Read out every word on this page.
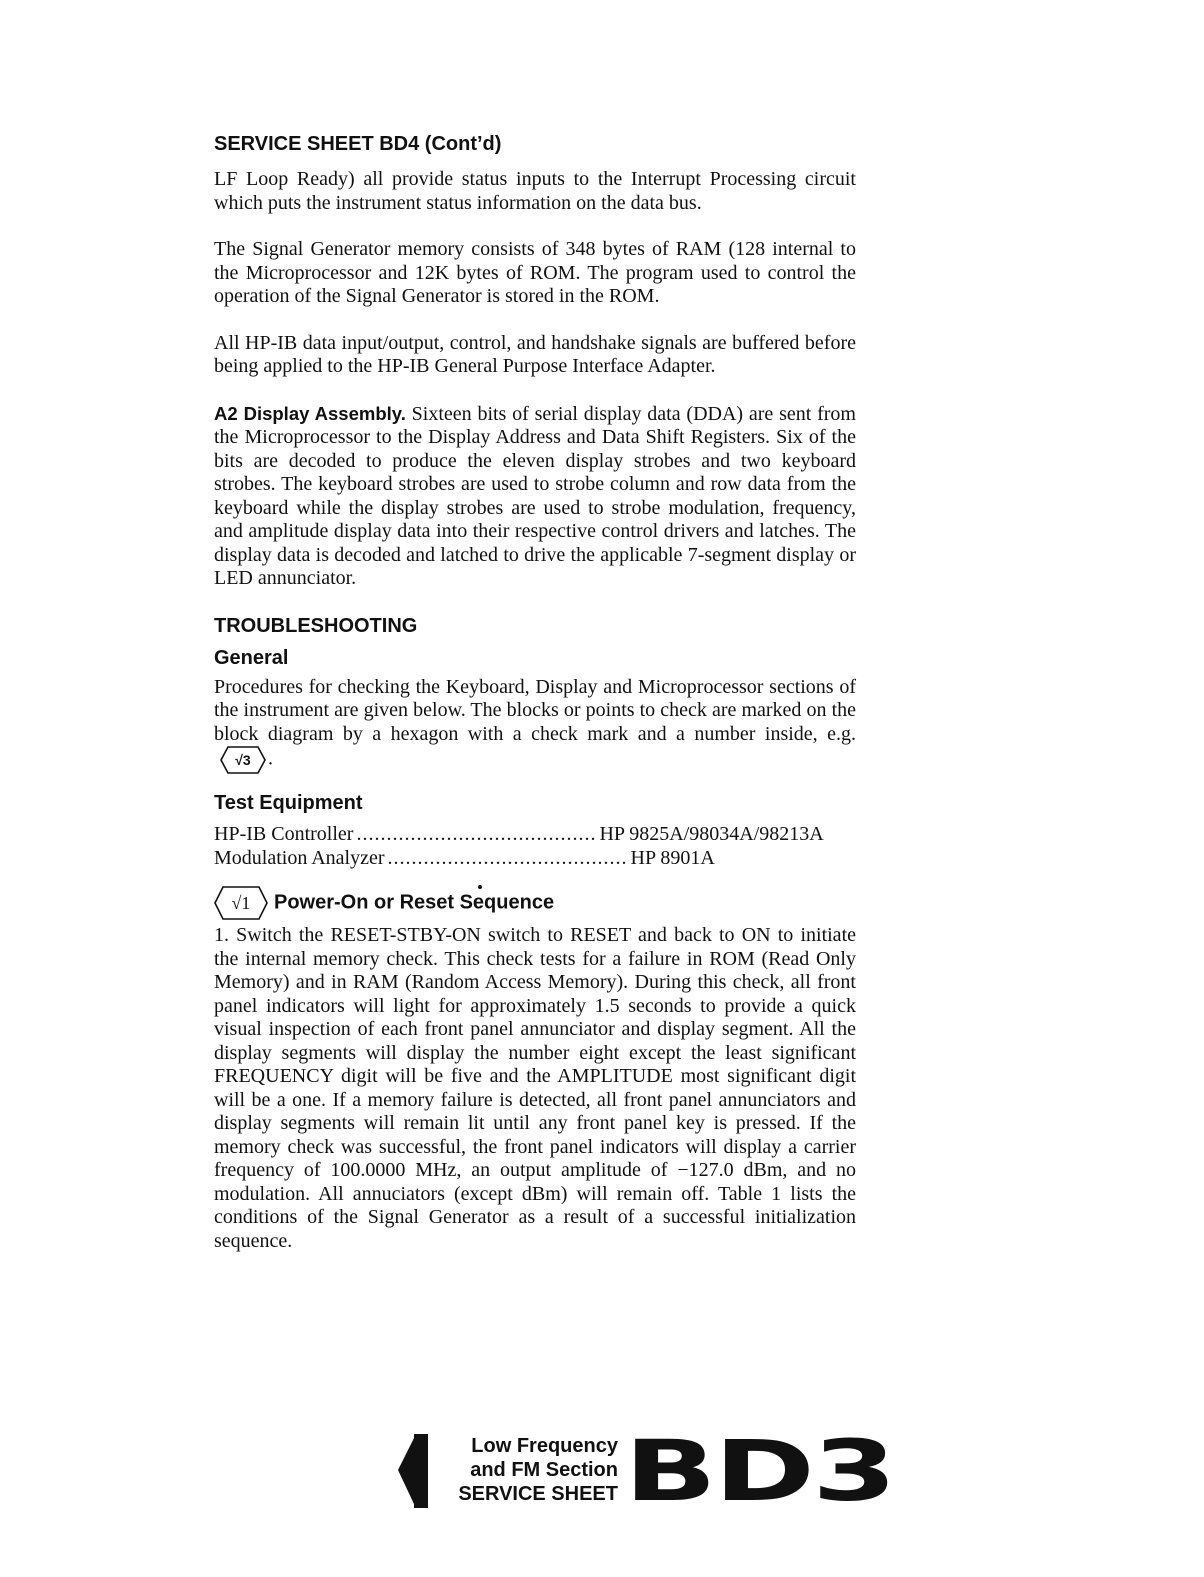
SERVICE SHEET BD4 (Cont’d)

LF Loop Ready) all provide status inputs to the Interrupt Processing circuit which puts the instrument status information on the data bus.

The Signal Generator memory consists of 348 bytes of RAM (128 internal to the Microprocessor and 12K bytes of ROM. The program used to control the operation of the Signal Generator is stored in the ROM.

All HP-IB data input/output, control, and handshake signals are buffered before being applied to the HP-IB General Purpose Interface Adapter.

A2 Display Assembly. Sixteen bits of serial display data (DDA) are sent from the Microprocessor to the Display Address and Data Shift Registers. Six of the bits are decoded to produce the eleven display strobes and two keyboard strobes. The keyboard strobes are used to strobe column and row data from the keyboard while the display strobes are used to strobe modulation, frequency, and amplitude display data into their respective control drivers and latches. The display data is decoded and latched to drive the applicable 7-segment display or LED annunciator.

TROUBLESHOOTING
General

Procedures for checking the Keyboard, Display and Microprocessor sections of the instrument are given below. The blocks or points to check are marked on the block diagram by a hexagon with a check mark and a number inside, e.g.
√3 .

Test Equipment
HP-IB Controller ........................................ HP 9825A/98034A/98213A
Modulation Analyzer ........................................ HP 8901A
√1 Power-On or Reset Sequence

1. Switch the RESET-STBY-ON switch to RESET and back to ON to initiate the internal memory check. This check tests for a failure in ROM (Read Only Memory) and in RAM (Random Access Memory). During this check, all front panel indicators will light for approximately 1.5 seconds to provide a quick visual inspection of each front panel annunciator and display segment. All the display segments will display the number eight except the least significant FREQUENCY digit will be five and the AMPLITUDE most significant digit will be a one. If a memory failure is detected, all front panel annunciators and display segments will remain lit until any front panel key is pressed. If the memory check was successful, the front panel indicators will display a carrier frequency of 100.0000 MHz, an output amplitude of −127.0 dBm, and no modulation. All annuciators (except dBm) will remain off. Table 1 lists the conditions of the Signal Generator as a result of a successful initialization sequence.

Low Frequency
and FM Section
SERVICE SHEET BD3
